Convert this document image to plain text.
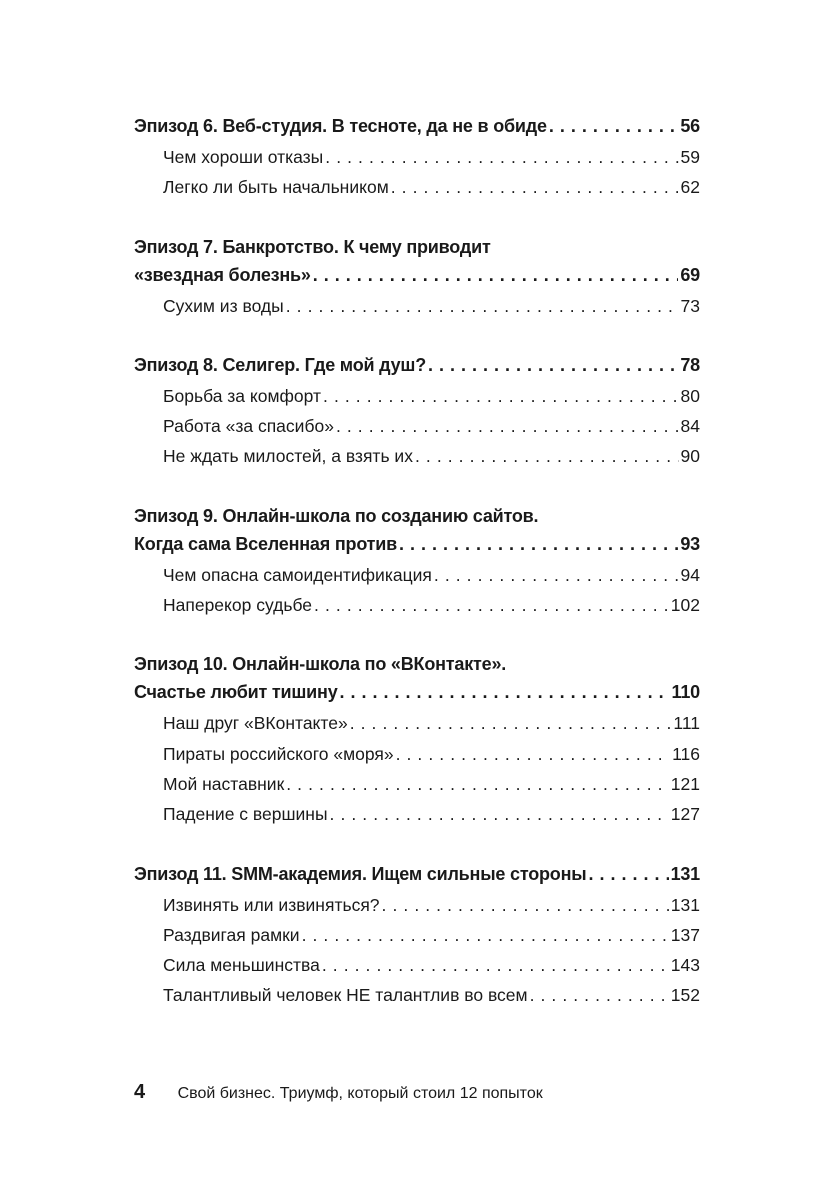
Эпизод 6. Веб-студия. В тесноте, да не в обиде . . .	56
Чем хороши отказы . . .	59
Легко ли быть начальником . . .	62
Эпизод 7. Банкротство. К чему приводит
«звездная болезнь» . . .	69
Сухим из воды . . .	73
Эпизод 8. Селигер. Где мой душ? . . .	78
Борьба за комфорт . . .	80
Работа «за спасибо» . . .	84
Не ждать милостей, а взять их . . .	90
Эпизод 9. Онлайн-школа по созданию сайтов.
Когда сама Вселенная против . . .	93
Чем опасна самоидентификация . . .	94
Наперекор судьбе . . .	102
Эпизод 10. Онлайн-школа по «ВКонтакте».
Счастье любит тишину . . .	110
Наш друг «ВКонтакте» . . .	111
Пираты российского «моря» . . .	116
Мой наставник . . .	121
Падение с вершины . . .	127
Эпизод 11. SMM-академия. Ищем сильные стороны . . .	131
Извинять или извиняться? . . .	131
Раздвигая рамки . . .	137
Сила меньшинства . . .	143
Талантливый человек НЕ талантлив во всем . . .	152
4 Свой бизнес. Триумф, который стоил 12 попыток
